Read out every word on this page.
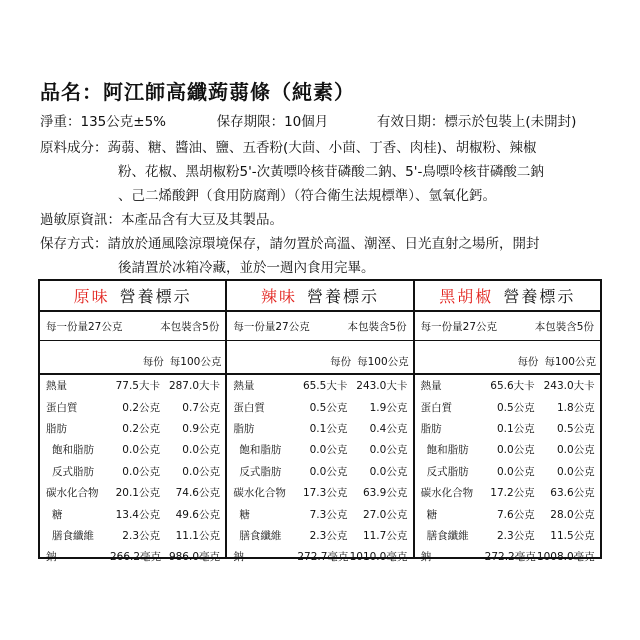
品名：阿江師高纖蒟蒻條（純素）
淨重：135公克±5%	保存期限：10個月	有效日期：標示於包裝上(未開封)
原料成分：蒟蒻、糖、醬油、鹽、五香粉(大茴、小茴、丁香、肉桂)、胡椒粉、辣椒
粉、花椒、黑胡椒粉5'-次黃嘌呤核苷磷酸二鈉、5'-鳥嘌呤核苷磷酸二鈉
、己二烯酸鉀（食用防腐劑）（符合衛生法規標準）、氫氧化鈣。
過敏原資訊：本產品含有大豆及其製品。
保存方式：請放於通風陰涼環境保存，請勿置於高溫、潮溼、日光直射之場所，開封
後請置於冰箱冷藏，並於一週內食用完畢。
原味 營養標示
每一份量27公克	本包裝含5份
每份 每100公克
熱量	77.5大卡 287.0大卡
蛋白質	0.2公克	0.7公克
脂肪	0.2公克	0.9公克
飽和脂肪	0.0公克	0.0公克
反式脂肪	0.0公克	0.0公克
碳水化合物	20.1公克	74.6公克
糖	13.4公克	49.6公克
膳食纖維	2.3公克	11.1公克
鈉	266.2毫克 986.0毫克
辣味 營養標示
每一份量27公克	本包裝含5份
每份 每100公克
熱量	65.5大卡 243.0大卡
蛋白質	0.5公克	1.9公克
脂肪	0.1公克	0.4公克
飽和脂肪	0.0公克	0.0公克
反式脂肪	0.0公克	0.0公克
碳水化合物	17.3公克	63.9公克
糖	7.3公克	27.0公克
膳食纖維	2.3公克	11.7公克
鈉	272.7毫克 1010.0毫克
黑胡椒 營養標示
每一份量27公克	本包裝含5份
每份 每100公克
熱量	65.6大卡 243.0大卡
蛋白質	0.5公克	1.8公克
脂肪	0.1公克	0.5公克
飽和脂肪	0.0公克	0.0公克
反式脂肪	0.0公克	0.0公克
碳水化合物	17.2公克	63.6公克
糖	7.6公克	28.0公克
膳食纖維	2.3公克	11.5公克
鈉	272.2毫克 1008.0毫克
